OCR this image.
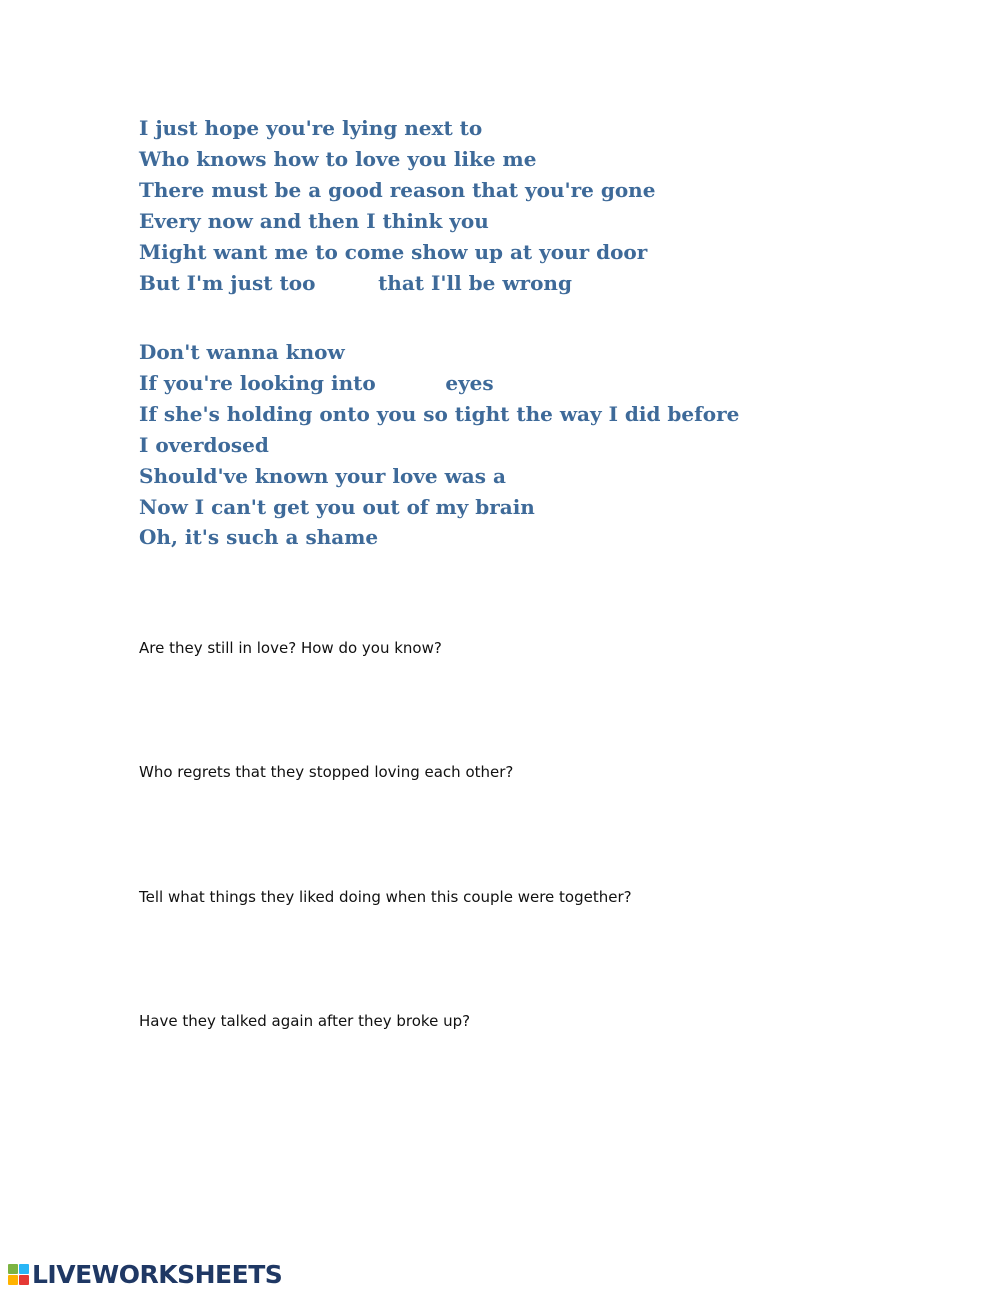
I just hope you're lying next to

Who knows how to love you like me

There must be a good reason that you're gone

Every now and then I think you

Might want me to come show up at your door

But I'm just too         that I'll be wrong

Don't wanna know

If you're looking into          eyes

If she's holding onto you so tight the way I did before

I overdosed

Should've known your love was a

Now I can't get you out of my brain

Oh, it's such a shame

Are they still in love? How do you know?

Who regrets that they stopped loving each other?

Tell what things they liked doing when this couple were together?

Have they talked again after they broke up?

LIVEWORKSHEETS
